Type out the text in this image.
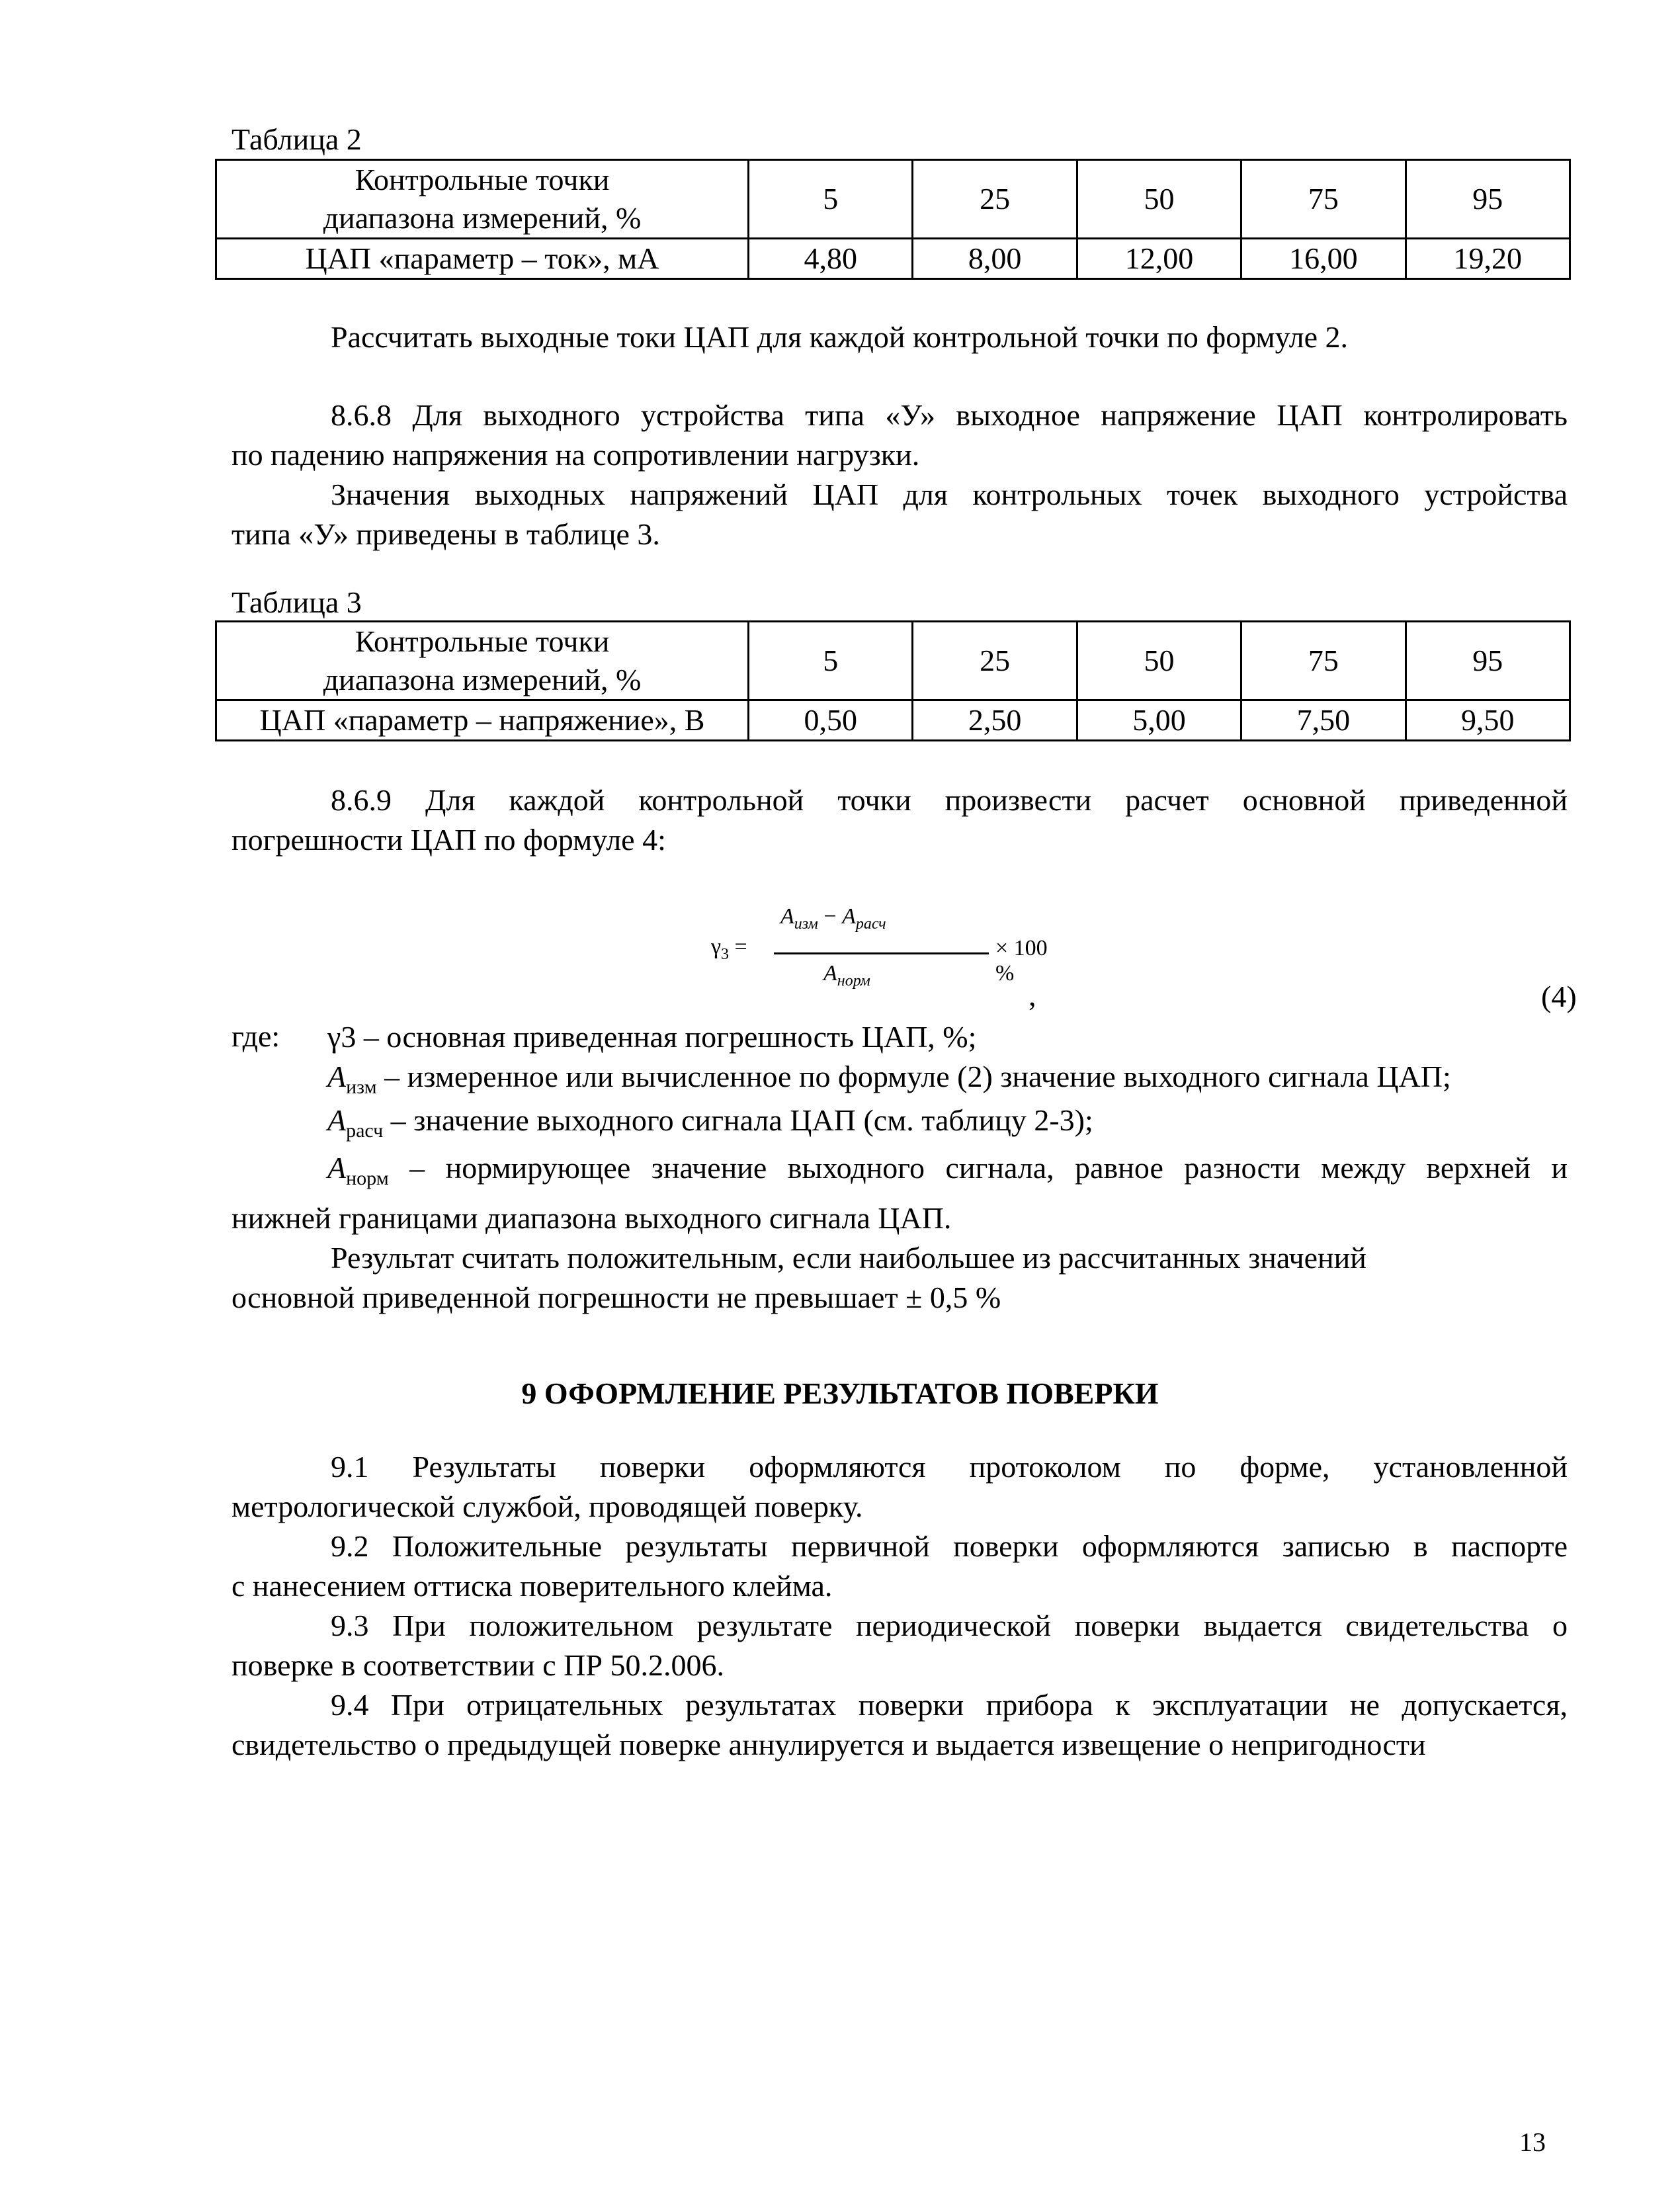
Таблица 2
Контрольные точки
диапазона измерений, %	5	25	50	75	95
ЦАП «параметр – ток», мА	4,80	8,00	12,00	16,00	19,20
Рассчитать выходные токи ЦАП для каждой контрольной точки по формуле 2.
8.6.8 Для выходного устройства типа «У» выходное напряжение ЦАП контролировать
по падению напряжения на сопротивлении нагрузки.
Значения выходных напряжений ЦАП для контрольных точек выходного устройства
типа «У» приведены в таблице 3.
Таблица 3
Контрольные точки
диапазона измерений, %	5	25	50	75	95
ЦАП «параметр – напряжение», В	0,50	2,50	5,00	7,50	9,50
8.6.9 Для каждой контрольной точки произвести расчет основной приведенной
погрешности ЦАП по формуле 4:
$\gamma_3$ =
$A_{изм} - A_{расч}$
$A_{норм}$
× 100 %
,	(4)
где: γ3 – основная приведенная погрешность ЦАП, %;
$A_{изм}$ – измеренное или вычисленное по формуле (2) значение выходного сигнала ЦАП;
$A_{расч}$ – значение выходного сигнала ЦАП (см. таблицу 2-3);
$A_{норм}$ – нормирующее значение выходного сигнала, равное разности между верхней и
нижней границами диапазона выходного сигнала ЦАП.
Результат считать положительным, если наибольшее из рассчитанных значений
основной приведенной погрешности не превышает ± 0,5 %
9 ОФОРМЛЕНИЕ РЕЗУЛЬТАТОВ ПОВЕРКИ
9.1 Результаты поверки оформляются протоколом по форме, установленной
метрологической службой, проводящей поверку.
9.2 Положительные результаты первичной поверки оформляются записью в паспорте
с нанесением оттиска поверительного клейма.
9.3 При положительном результате периодической поверки выдается свидетельства о
поверке в соответствии с ПР 50.2.006.
9.4 При отрицательных результатах поверки прибора к эксплуатации не допускается,
свидетельство о предыдущей поверке аннулируется и выдается извещение о непригодности
13
